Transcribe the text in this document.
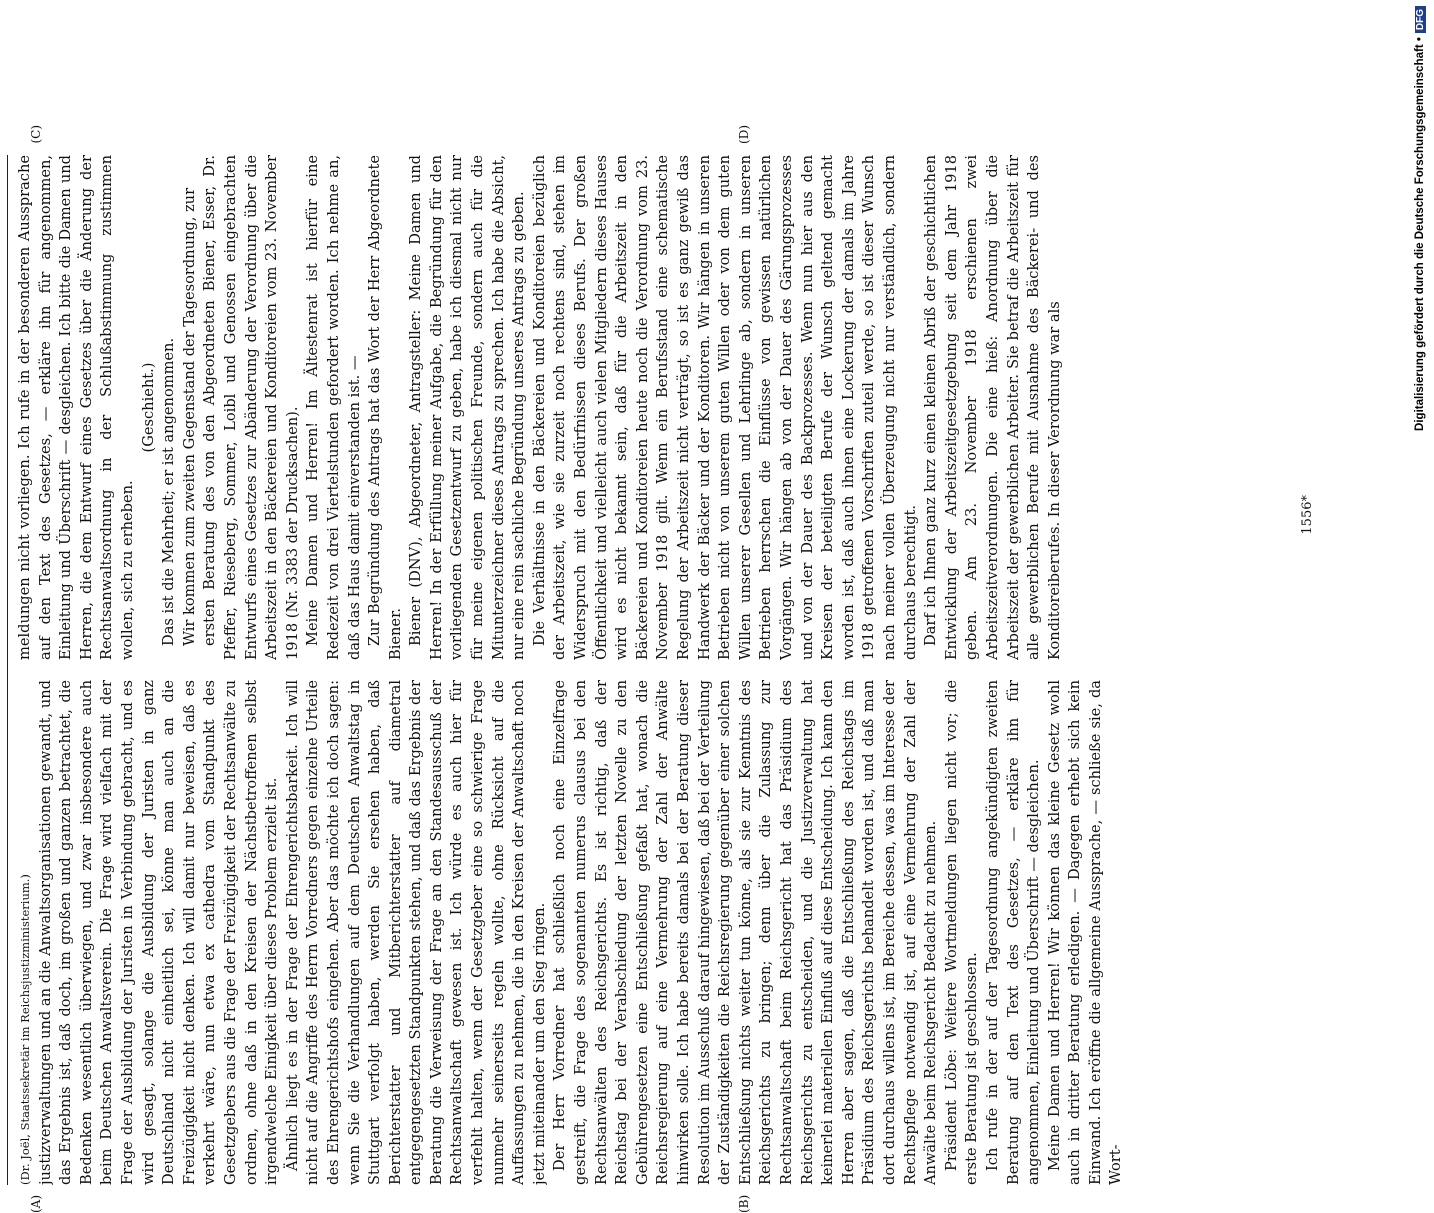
(A)	(B)
(C)	(D)

(Dr. Joël, Staatssekretär im Reichsjustizministerium.) justizverwaltungen und an die Anwaltsorganisationen gewandt, und das Ergebnis ist, daß doch, im großen und ganzen betrachtet, die Bedenken wesentlich überwiegen, und zwar insbesondere auch beim Deutschen Anwaltsverein. Die Frage wird vielfach mit der Frage der Ausbildung der Juristen in Verbindung gebracht, und es wird gesagt, solange die Ausbildung der Juristen in ganz Deutschland nicht einheitlich sei, könne man auch an die Freizügigkeit nicht denken. Ich will damit nur beweisen, daß es verkehrt wäre, nun etwa ex cathedra vom Standpunkt des Gesetzgebers aus die Frage der Freizügigkeit der Rechtsanwälte zu ordnen, ohne daß in den Kreisen der Nächstbetroffenen selbst irgendwelche Einigkeit über dieses Problem erzielt ist. Ähnlich liegt es in der Frage der Ehrengerichtsbarkeit. Ich will nicht auf die Angriffe des Herrn Vorredners gegen einzelne Urteile des Ehrengerichtshofs eingehen. Aber das möchte ich doch sagen: wenn Sie die Verhandlungen auf dem Deutschen Anwaltstag in Stuttgart verfolgt haben, werden Sie ersehen haben, daß Berichterstatter und Mitberichterstatter auf diametral entgegengesetzten Standpunkten stehen, und daß das Ergebnis der Beratung die Verweisung der Frage an den Standesausschuß der Rechtsanwaltschaft gewesen ist. Ich würde es auch hier für verfehlt halten, wenn der Gesetzgeber eine so schwierige Frage nunmehr seinerseits regeln wollte, ohne Rücksicht auf die Auffassungen zu nehmen, die in den Kreisen der Anwaltschaft noch jetzt miteinander um den Sieg ringen. Der Herr Vorredner hat schließlich noch eine Einzelfrage gestreift, die Frage des sogenannten numerus clausus bei den Rechtsanwälten des Reichsgerichts. Es ist richtig, daß der Reichstag bei der Verabschiedung der letzten Novelle zu den Gebührengesetzen eine Entschließung gefaßt hat, wonach die Reichsregierung auf eine Vermehrung der Zahl der Anwälte hinwirken solle. Ich habe bereits damals bei der Beratung dieser Resolution im Ausschuß darauf hingewiesen, daß bei der Verteilung der Zuständigkeiten die Reichsregierung gegenüber einer solchen Entschließung nichts weiter tun könne, als sie zur Kenntnis des Reichsgerichts zu bringen; denn über die Zulassung zur Rechtsanwaltschaft beim Reichsgericht hat das Präsidium des Reichsgerichts zu entscheiden, und die Justizverwaltung hat keinerlei materiellen Einfluß auf diese Entscheidung. Ich kann den Herren aber sagen, daß die Entschließung des Reichstags im Präsidium des Reichsgerichts behandelt worden ist, und daß man dort durchaus willens ist, im Bereiche dessen, was im Interesse der Rechtspflege notwendig ist, auf eine Vermehrung der Zahl der Anwälte beim Reichsgericht Bedacht zu nehmen. Präsident Löbe: Weitere Wortmeldungen liegen nicht vor; die erste Beratung ist geschlossen. Ich rufe in der auf der Tagesordnung angekündigten zweiten Beratung auf den Text des Gesetzes, — erkläre ihn für angenommen, Einleitung und Überschrift — desgleichen. Meine Damen und Herren! Wir können das kleine Gesetz wohl auch in dritter Beratung erledigen. — Dagegen erhebt sich kein Einwand. Ich eröffne die allgemeine Aussprache, — schließe sie, da Wort-

meldungen nicht vorliegen. Ich rufe in der besonderen Aussprache auf den Text des Gesetzes, — erkläre ihn für angenommen, Einleitung und Überschrift — desgleichen. Ich bitte die Damen und Herren, die dem Entwurf eines Gesetzes über die Änderung der Rechtsanwaltsordnung in der Schlußabstimmung zustimmen wollen, sich zu erheben.

(Geschieht.) Das ist die Mehrheit; er ist angenommen. Wir kommen zum zweiten Gegenstand der Tagesordnung, zur ersten Beratung des von den Abgeordneten Biener, Esser, Dr. Pfeffer, Rieseberg, Sommer, Loibl und Genossen eingebrachten Entwurfs eines Gesetzes zur Abänderung der Verordnung über die Arbeitszeit in den Bäckereien und Konditoreien vom 23. November 1918 (Nr. 3383 der Drucksachen). Meine Damen und Herren! Im Ältestenrat ist hierfür eine Redezeit von drei Viertelstunden gefordert worden. Ich nehme an, daß das Haus damit einverstanden ist. — Zur Begründung des Antrags hat das Wort der Herr Abgeordnete Biener. Biener (DNV), Abgeordneter, Antragsteller: Meine Damen und Herren! In der Erfüllung meiner Aufgabe, die Begründung für den vorliegenden Gesetzentwurf zu geben, habe ich diesmal nicht nur für meine eigenen politischen Freunde, sondern auch für die Mitunterzeichner dieses Antrags zu sprechen. Ich habe die Absicht, nur eine rein sachliche Begründung unseres Antrags zu geben. Die Verhältnisse in den Bäckereien und Konditoreien bezüglich der Arbeitszeit, wie sie zurzeit noch rechtens sind, stehen im Widerspruch mit den Bedürfnissen dieses Berufs. Der großen Öffentlichkeit und vielleicht auch vielen Mitgliedern dieses Hauses wird es nicht bekannt sein, daß für die Arbeitszeit in den Bäckereien und Konditoreien heute noch die Verordnung vom 23. November 1918 gilt. Wenn ein Berufsstand eine schematische Regelung der Arbeitszeit nicht verträgt, so ist es ganz gewiß das Handwerk der Bäcker und der Konditoren. Wir hängen in unseren Betrieben nicht von unserem guten Willen oder von dem guten Willen unserer Gesellen und Lehrlinge ab, sondern in unseren Betrieben herrschen die Einflüsse von gewissen natürlichen Vorgängen. Wir hängen ab von der Dauer des Gärungsprozesses und von der Dauer des Backprozesses. Wenn nun hier aus den Kreisen der beteiligten Berufe der Wunsch geltend gemacht worden ist, daß auch ihnen eine Lockerung der damals im Jahre 1918 getroffenen Vorschriften zuteil werde, so ist dieser Wunsch nach meiner vollen Überzeugung nicht nur verständlich, sondern durchaus berechtigt. Darf ich Ihnen ganz kurz einen kleinen Abriß der geschichtlichen Entwicklung der Arbeitszeitgesetzgebung seit dem Jahr 1918 geben. Am 23. November 1918 erschienen zwei Arbeitszeitverordnungen. Die eine hieß: Anordnung über die Arbeitszeit der gewerblichen Arbeiter. Sie betraf die Arbeitszeit für alle gewerblichen Berufe mit Ausnahme des Bäckerei- und des Konditoreiberufes. In dieser Verordnung war als	1556*
Digitalisierung gefördert durch die Deutsche Forschungsgemeinschaft •DFG
